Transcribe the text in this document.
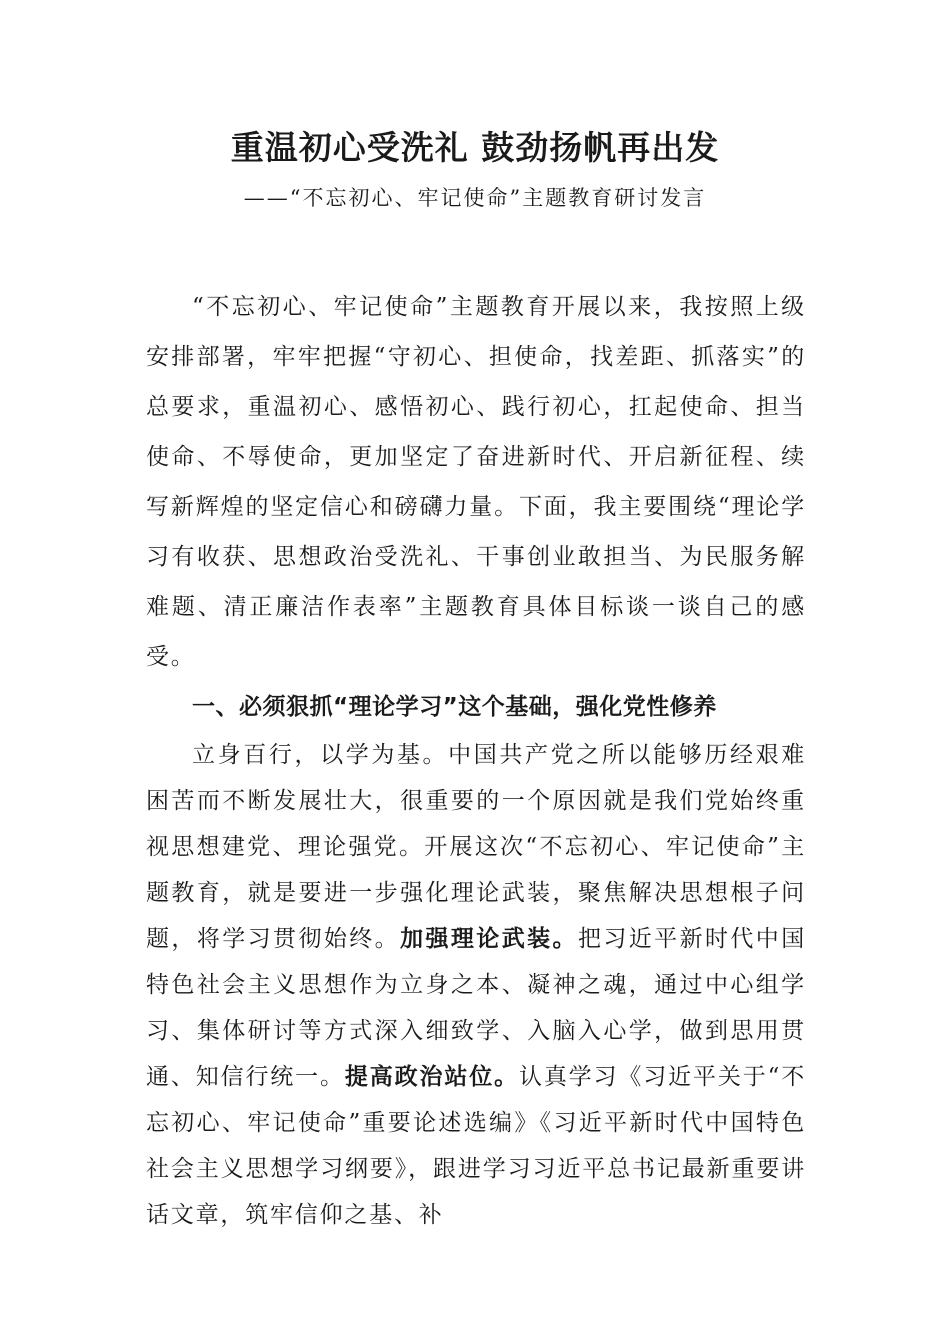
重温初心受洗礼 鼓劲扬帆再出发
——“不忘初心、牢记使命”主题教育研讨发言

“不忘初心、牢记使命”主题教育开展以来，我按照上级安排部署，牢牢把握“守初心、担使命，找差距、抓落实”的总要求，重温初心、感悟初心、践行初心，扛起使命、担当使命、不辱使命，更加坚定了奋进新时代、开启新征程、续写新辉煌的坚定信心和磅礴力量。下面，我主要围绕“理论学习有收获、思想政治受洗礼、干事创业敢担当、为民服务解难题、清正廉洁作表率”主题教育具体目标谈一谈自己的感受。

一、必须狠抓“理论学习”这个基础，强化党性修养

立身百行，以学为基。中国共产党之所以能够历经艰难困苦而不断发展壮大，很重要的一个原因就是我们党始终重视思想建党、理论强党。开展这次“不忘初心、牢记使命”主题教育，就是要进一步强化理论武装，聚焦解决思想根子问题，将学习贯彻始终。加强理论武装。把习近平新时代中国特色社会主义思想作为立身之本、凝神之魂，通过中心组学习、集体研讨等方式深入细致学、入脑入心学，做到思用贯通、知信行统一。提高政治站位。认真学习《习近平关于“不忘初心、牢记使命”重要论述选编》《习近平新时代中国特色社会主义思想学习纲要》，跟进学习习近平总书记最新重要讲话文章，筑牢信仰之基、补
